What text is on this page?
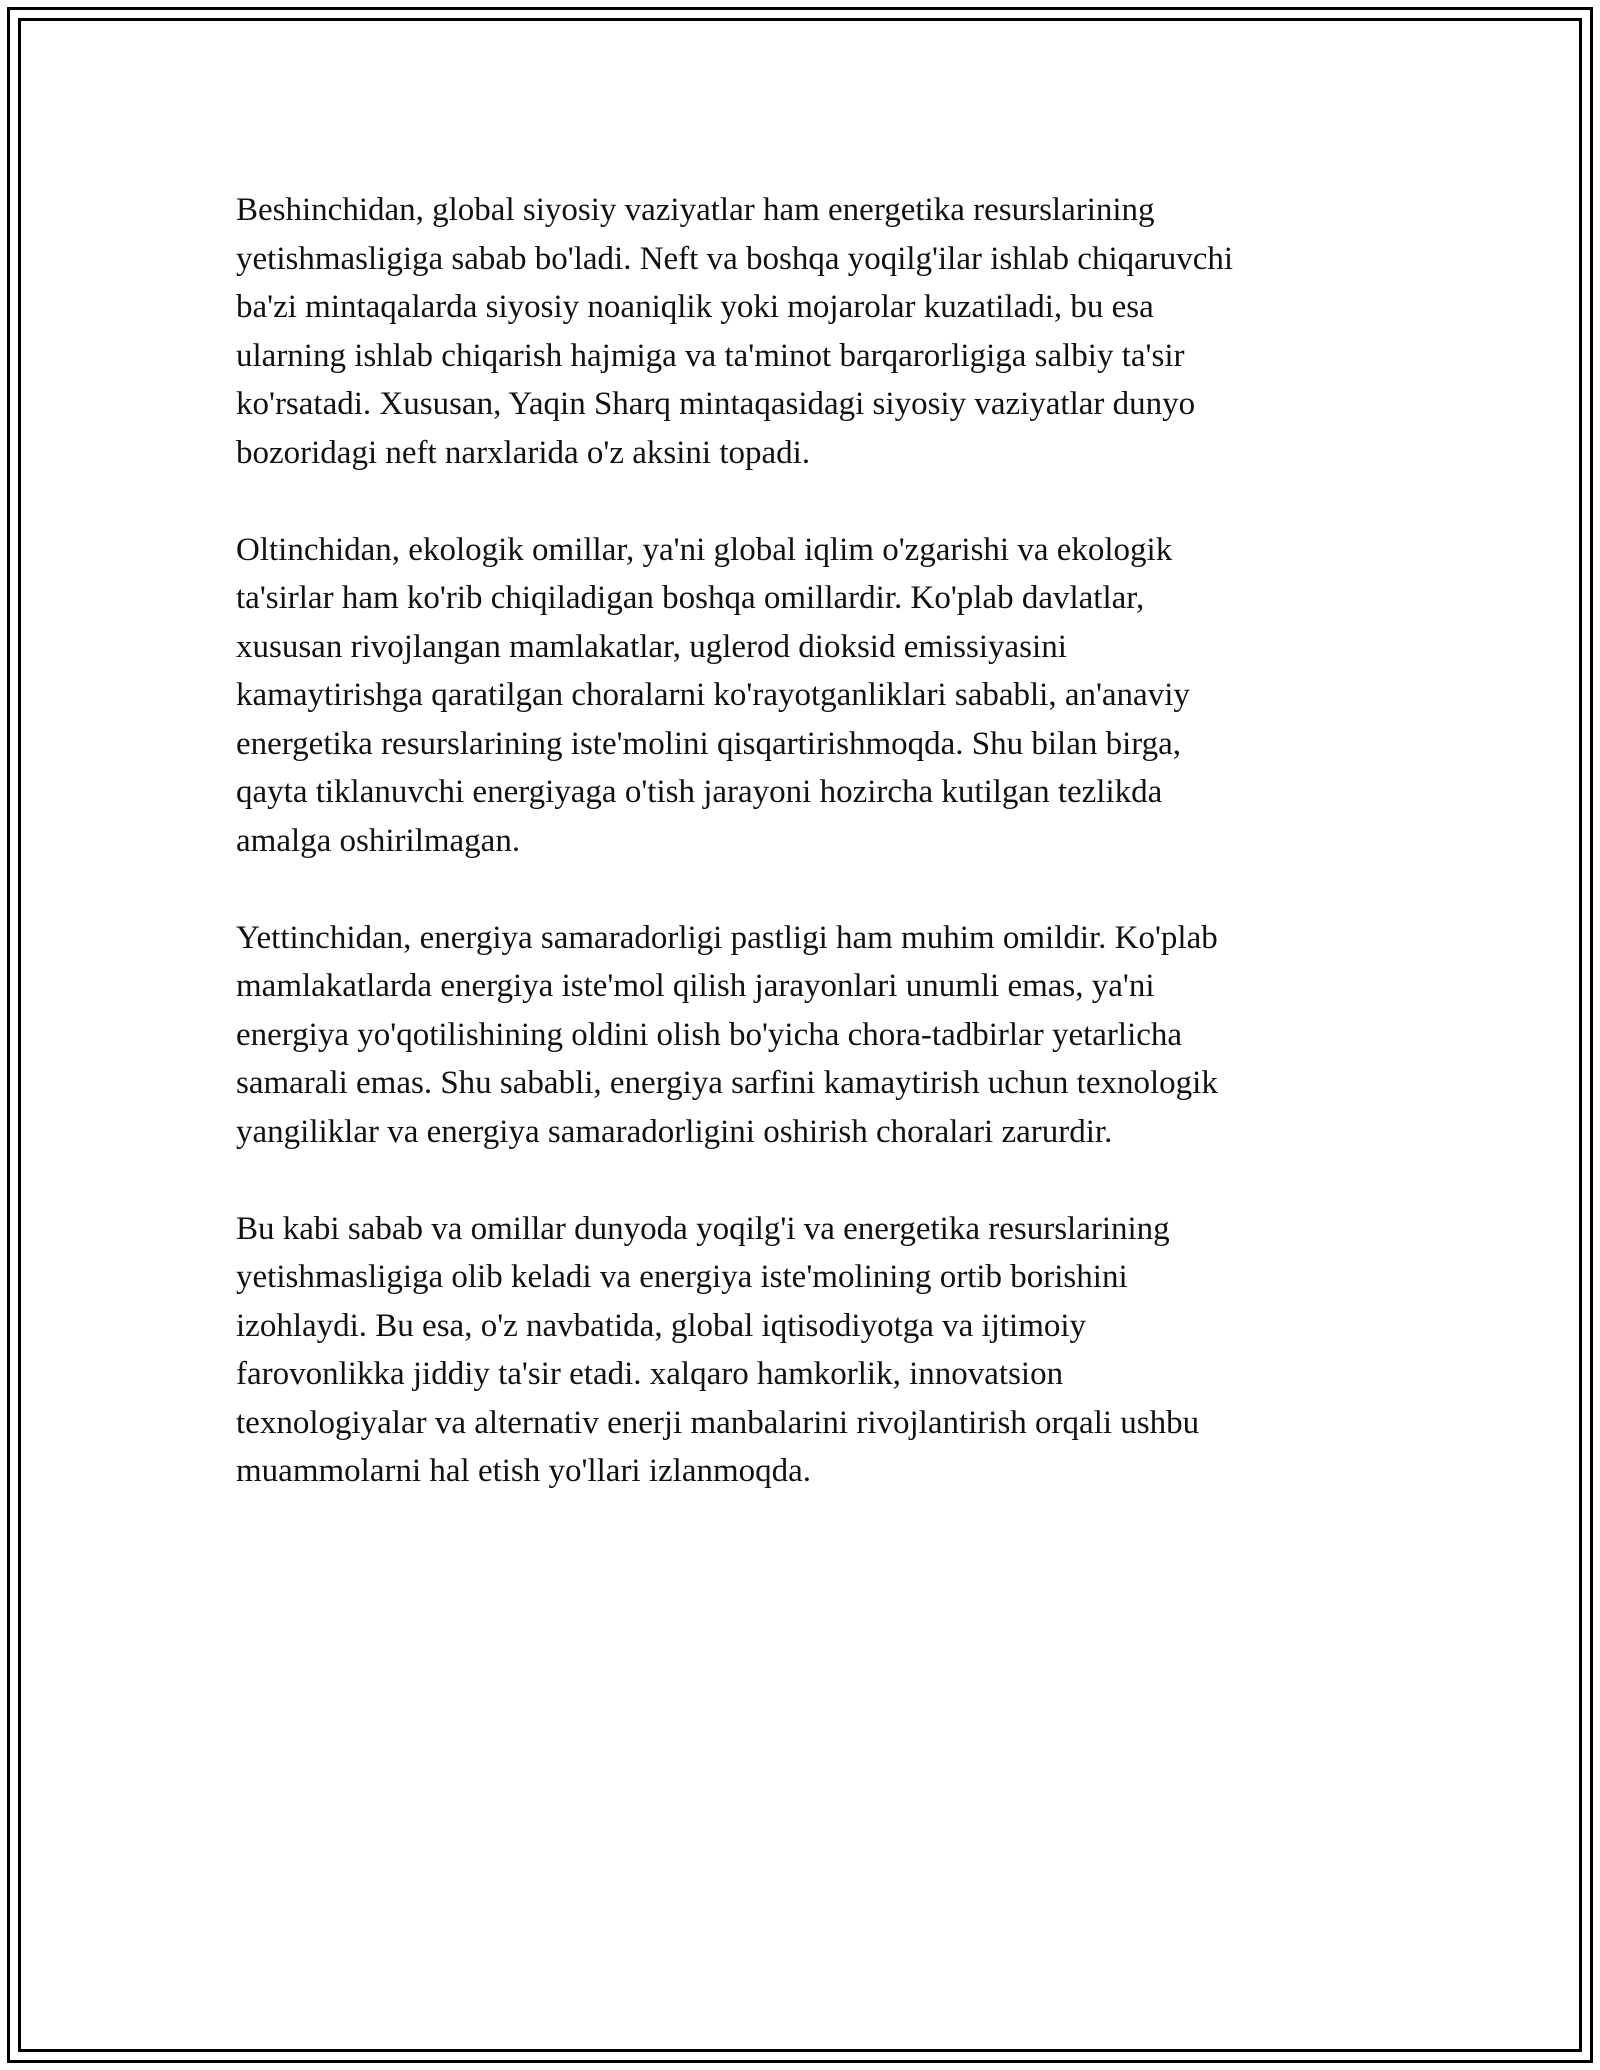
Beshinchidan, global siyosiy vaziyatlar ham energetika resurslarining
yetishmasligiga sabab bo'ladi. Neft va boshqa yoqilg'ilar ishlab chiqaruvchi
ba'zi mintaqalarda siyosiy noaniqlik yoki mojarolar kuzatiladi, bu esa
ularning ishlab chiqarish hajmiga va ta'minot barqarorligiga salbiy ta'sir
ko'rsatadi. Xususan, Yaqin Sharq mintaqasidagi siyosiy vaziyatlar dunyo
bozoridagi neft narxlarida o'z aksini topadi.

Oltinchidan, ekologik omillar, ya'ni global iqlim o'zgarishi va ekologik
ta'sirlar ham ko'rib chiqiladigan boshqa omillardir. Ko'plab davlatlar,
xususan rivojlangan mamlakatlar, uglerod dioksid emissiyasini
kamaytirishga qaratilgan choralarni ko'rayotganliklari sababli, an'anaviy
energetika resurslarining iste'molini qisqartirishmoqda. Shu bilan birga,
qayta tiklanuvchi energiyaga o'tish jarayoni hozircha kutilgan tezlikda
amalga oshirilmagan.

Yettinchidan, energiya samaradorligi pastligi ham muhim omildir. Ko'plab
mamlakatlarda energiya iste'mol qilish jarayonlari unumli emas, ya'ni
energiya yo'qotilishining oldini olish bo'yicha chora-tadbirlar yetarlicha
samarali emas. Shu sababli, energiya sarfini kamaytirish uchun texnologik
yangiliklar va energiya samaradorligini oshirish choralari zarurdir.

Bu kabi sabab va omillar dunyoda yoqilg'i va energetika resurslarining
yetishmasligiga olib keladi va energiya iste'molining ortib borishini
izohlaydi. Bu esa, o'z navbatida, global iqtisodiyotga va ijtimoiy
farovonlikka jiddiy ta'sir etadi. xalqaro hamkorlik, innovatsion
texnologiyalar va alternativ enerji manbalarini rivojlantirish orqali ushbu
muammolarni hal etish yo'llari izlanmoqda.
